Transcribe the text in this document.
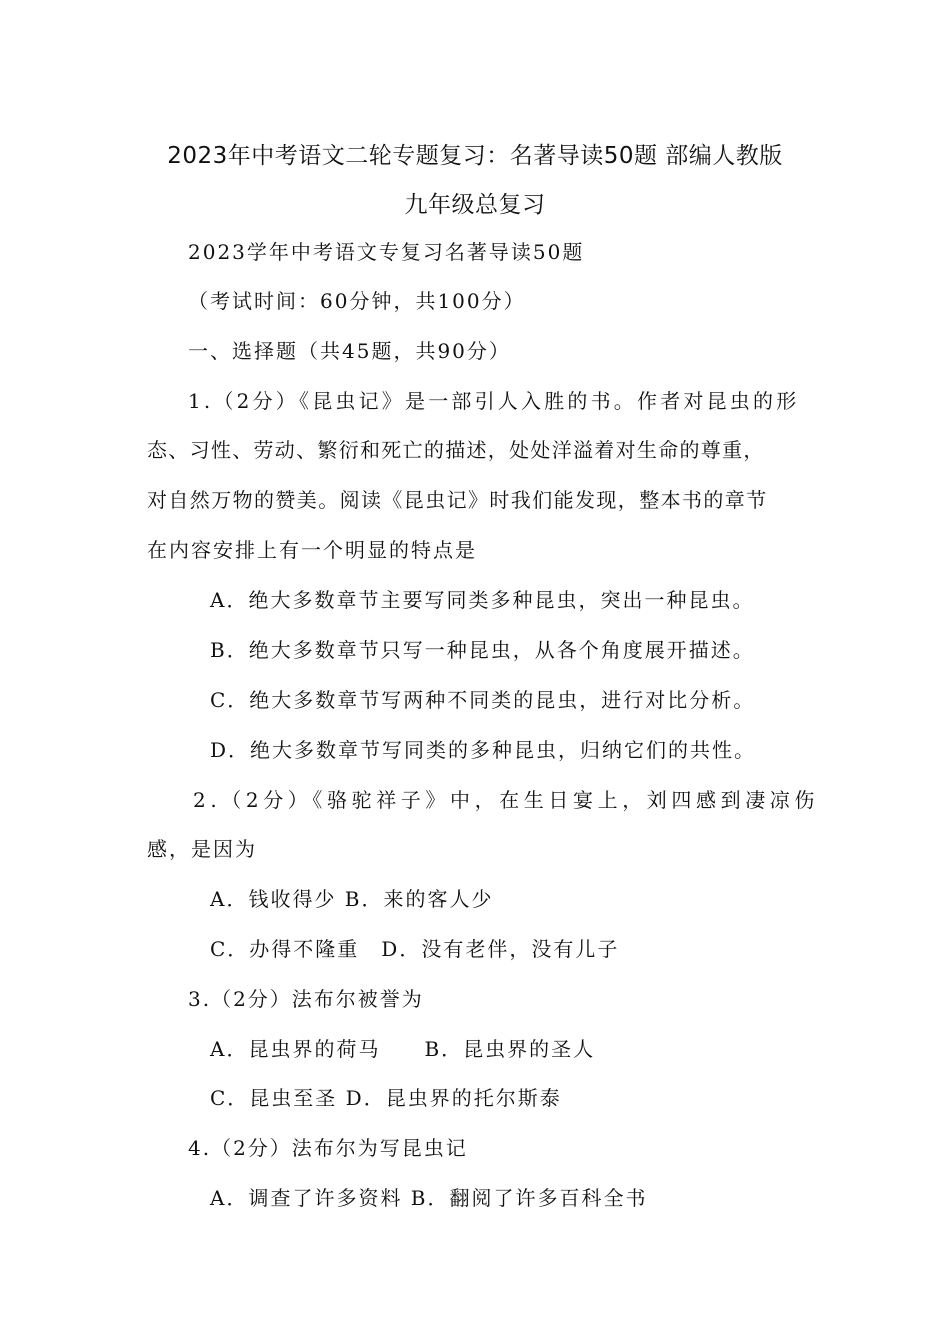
2023年中考语文二轮专题复习：名著导读50题 部编人教版
九年级总复习
2023学年中考语文专复习名著导读50题
（考试时间：60分钟，共100分）
一、选择题（共45题，共90分）
1.（2分）《昆虫记》是一部引人入胜的书。作者对昆虫的形
态、习性、劳动、繁衍和死亡的描述，处处洋溢着对生命的尊重，
对自然万物的赞美。阅读《昆虫记》时我们能发现，整本书的章节
在内容安排上有一个明显的特点是
A．绝大多数章节主要写同类多种昆虫，突出一种昆虫。
B．绝大多数章节只写一种昆虫，从各个角度展开描述。
C．绝大多数章节写两种不同类的昆虫，进行对比分析。
D．绝大多数章节写同类的多种昆虫，归纳它们的共性。
2.（2分）《骆驼祥子》中，在生日宴上，刘四感到凄凉伤
感，是因为
A．钱收得少 B．来的客人少
C．办得不隆重　D．没有老伴，没有儿子
3.（2分）法布尔被誉为
A．昆虫界的荷马　　B．昆虫界的圣人
C．昆虫至圣 D．昆虫界的托尔斯泰
4.（2分）法布尔为写昆虫记
A．调查了许多资料 B．翻阅了许多百科全书
